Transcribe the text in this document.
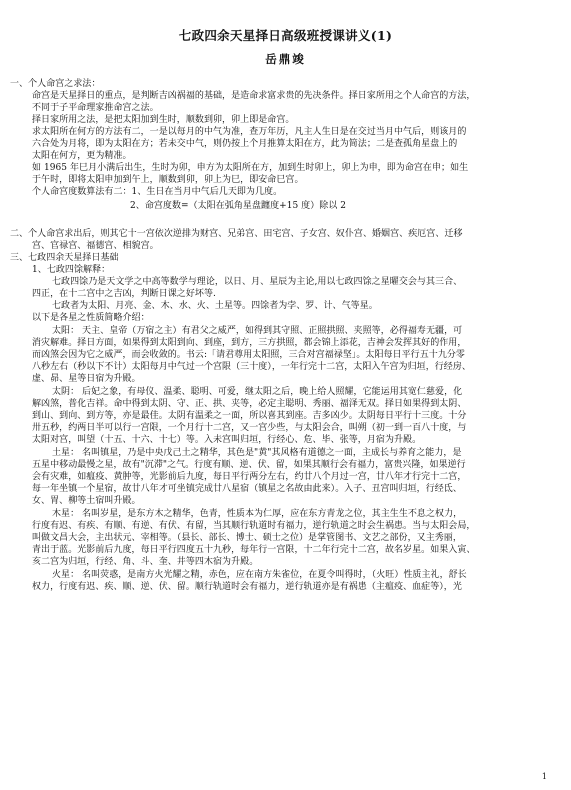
七政四余天星择日高级班授课讲义(1)
岳鼎竣
一、个人命宫之求法：
命宫是天星择日的重点，是判断吉凶祸福的基础，是造命求富求贵的先决条件。择日家所用之个人命宫的方法，
不同于子平命理家推命宫之法。
择日家所用之法，是把太阳加到生时，顺数到卯，卯上即是命宫。
求太阳所在何方的方法有二，一是以每月的中气为准，查万年历，凡主人生日是在交过当月中气后，则该月的
六合处为月将，即为太阳在方；若未交中气，则仍按上个月推算太阳在方，此为简法；二是查孤角星盘上的
太阳在何方，更为精准。
如 1965 年巳月小满后出生，生时为卯，申方为太阳所在方，加到生时卯上，卯上为申，即为命宫在申；如生
于午时，即将太阳申加到午上，顺数到卯，卯上为巳，即安命巳宫。
个人命宫度数算法有二：1、生日在当月中气后几天即为几度。
2、命宫度数=（太阳在弧角星盘躔度+15 度）除以 2
二、个人命宫求出后，则其它十一宫依次逆排为财宫、兄弟宫、田宅宫、子女宫、奴仆宫、婚姻宫、疾厄宫、迁移
宫、官禄宫、福德宫、相貌宫。
三、七政四余天星择日基础
1、七政四馀解释：
七政四馀乃是天文学之中高等数学与理论，以日、月、星辰为主论,用以七政四馀之星曜交会与其三合、
四正，在十二宫中之吉凶，判断日课之好坏等.
七政者为太阳、月亮、金、木、水、火、土星等。四馀者为孛、罗、计、气等星。
以下是各星之性质简略介绍：
太阳： 天主、皇帝（万宿之主）有君父之威严，如得到其守照、正照拱照、夹照等，必得福寿无疆，可
消灾解难。择日方面，如果得到太阳到向、到座，到方，三方拱照，都会锦上添花，吉神会发挥其好的作用，
而凶煞会因为它之威严，而会收敛的。书云:「请君尊用太阳照，三合对宫福禄坚」。太阳每日平行五十九分零
八秒左右（秒以下不计）太阳每月中气过一个宫限（三十度），一年行完十二宫，太阳入午宫为归垣，行经房、
虚、昴、星等日宿为升殿。
太阴： 后妃之象，有母仪、温柔、聪明、可爱，继太阳之后，晚上给人照耀，它能运用其宽仁慈爱，化
解凶煞，普化吉祥。命中得到太阴、守、正、拱、夹等，必定主聪明、秀丽、福泽无双。择日如果得到太阴、
到山、到向、到方等，亦是最佳。太阴有温柔之一面，所以喜其到座。吉多凶少。太阴每日平行十三度。十分
卅五秒，约两日半可以行一宫限，一个月行十二宫，又一宫少些，与太阳会合，叫朔（初一到一百八十度，与
太阳对宫，叫望（十五、十六、十七）等。入未宫叫归垣，行经心、危、毕、张等，月宿为升殿。
土星： 名叫镇星，乃是中央戊己土之精华，其色是"黄"其风格有道德之一面，主成长与养育之能力，是
五星中移动最慢之星，故有"沉滞"之气。行度有顺、逆、伏、留，如果其顺行会有福力，富贵兴隆，如果逆行
会有灾难，如瘟疫、黄肿等，光影前后九度，每日平行两分左右，约廿八个月过一宫，廿八年才行完十二宫，
每一年坐镇一个星宿，故廿八年才可坐镇完成廿八星宿（镇星之名故由此来）。入子、丑宫叫归垣，行经氐、
女、胃、柳等土宿叫升殿。
木星： 名叫岁星，是东方木之精华，色青，性质本为仁厚，应在东方青龙之位，其主生生不息之权力，
行度有迟、有疾、有顺、有逆、有伏、有留，当其顺行轨道时有福力，逆行轨道之时会生祸患。当与太阳会局，
叫做文昌大会，主出状元、宰相等。（县长、部长、博士、硕士之位）是掌管图书、文艺之部份，又主秀丽，
青出于蓝。光影前后九度，每日平行四度五十九秒，每年行一宫限，十二年行完十二宫，故名岁星。如果入寅、
亥二宫为归垣，行经、角、斗、奎、井等四木宿为升殿。
火星： 名叫荧惑，是南方火光耀之精，赤色，应在南方朱雀位，在夏令叫得时，（火旺）性质主礼，舒长
权力，行度有迟、疾、顺、逆、伏、留。顺行轨道时会有福力，逆行轨道亦是有祸患（主瘟疫、血症等），光
1
